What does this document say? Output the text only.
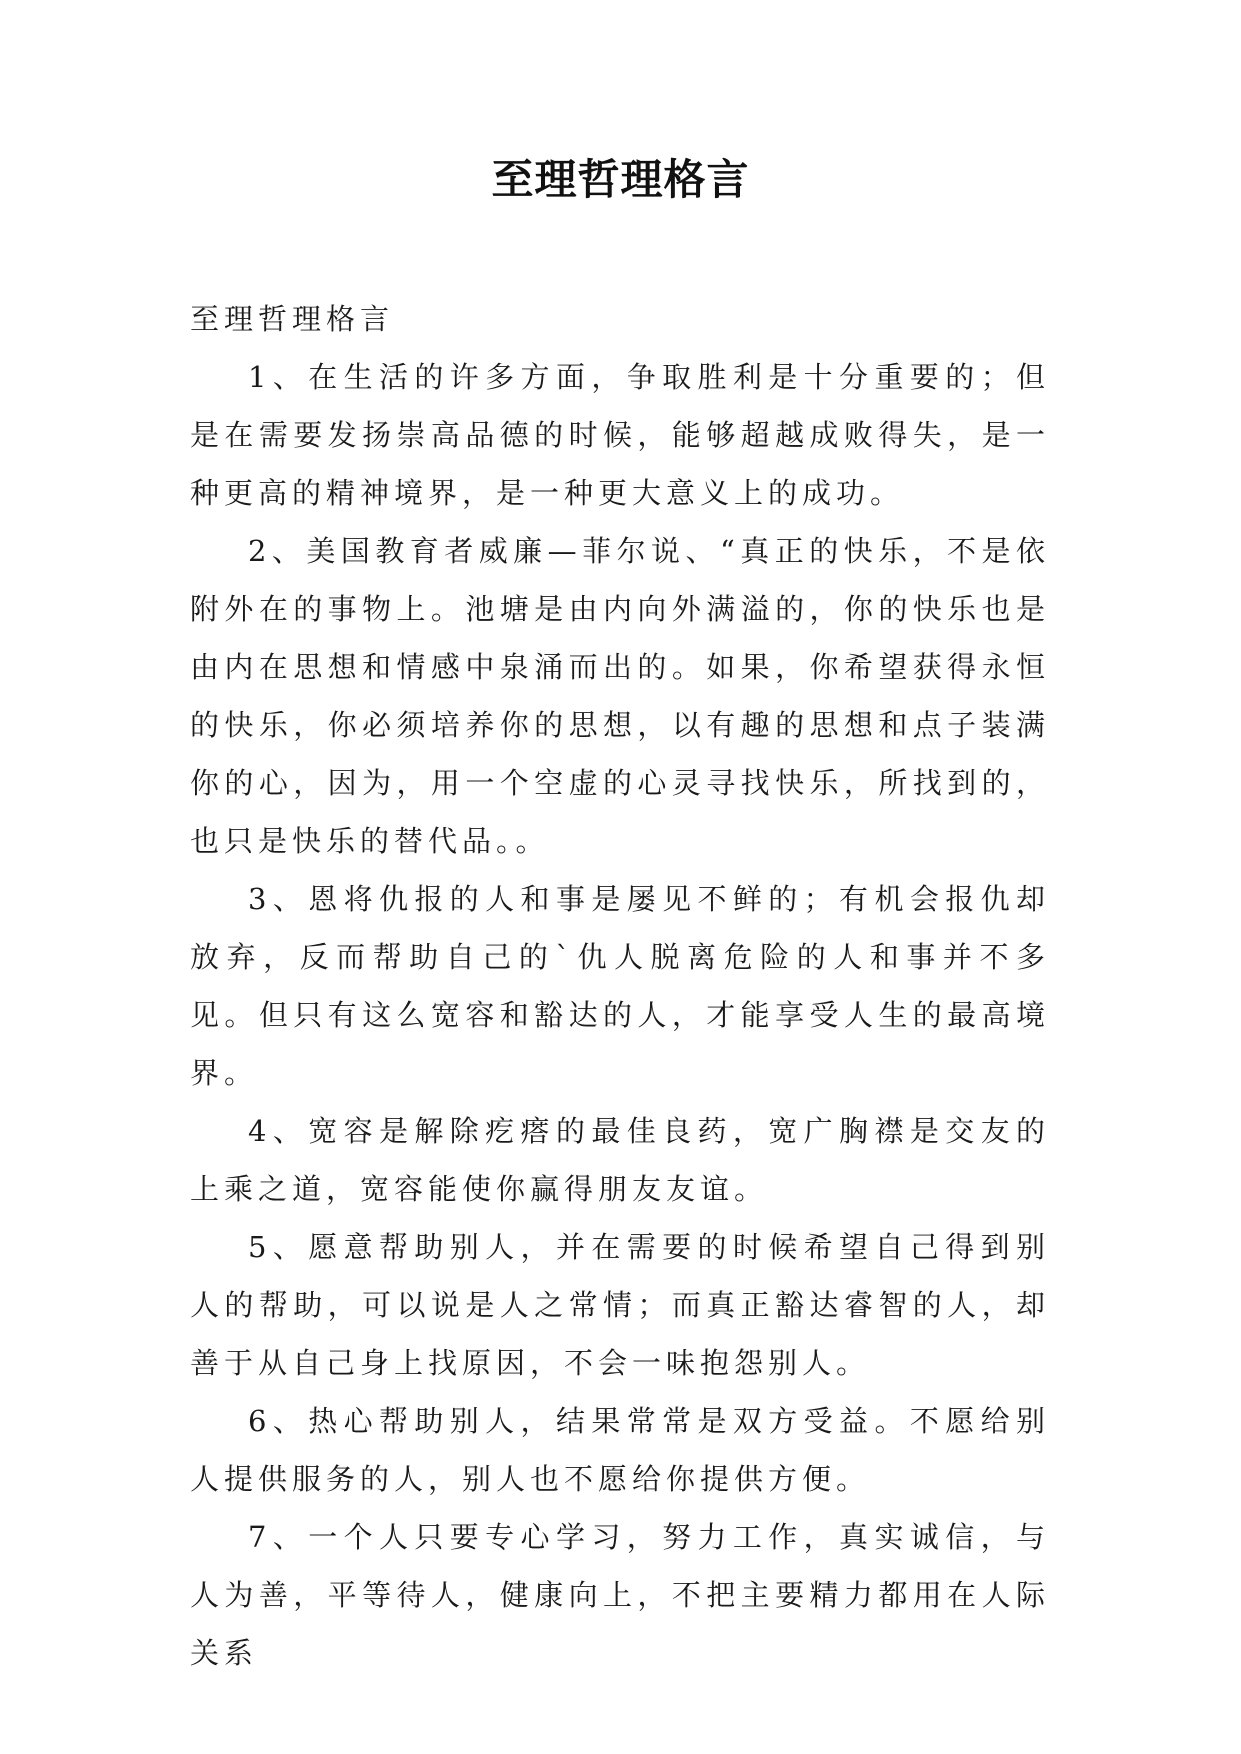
至理哲理格言

至理哲理格言

1、在生活的许多方面，争取胜利是十分重要的；但是在需要发扬崇高品德的时候，能够超越成败得失，是一种更高的精神境界，是一种更大意义上的成功。

2、美国教育者威廉—菲尔说、“真正的快乐，不是依附外在的事物上。池塘是由内向外满溢的，你的快乐也是由内在思想和情感中泉涌而出的。如果，你希望获得永恒的快乐，你必须培养你的思想，以有趣的思想和点子装满你的心，因为，用一个空虚的心灵寻找快乐，所找到的，也只是快乐的替代品。。

3、恩将仇报的人和事是屡见不鲜的；有机会报仇却放弃，反而帮助自己的`仇人脱离危险的人和事并不多见。但只有这么宽容和豁达的人，才能享受人生的最高境界。

4、宽容是解除疙瘩的最佳良药，宽广胸襟是交友的上乘之道，宽容能使你赢得朋友友谊。

5、愿意帮助别人，并在需要的时候希望自己得到别人的帮助，可以说是人之常情；而真正豁达睿智的人，却善于从自己身上找原因，不会一味抱怨别人。

6、热心帮助别人，结果常常是双方受益。不愿给别人提供服务的人，别人也不愿给你提供方便。

7、一个人只要专心学习，努力工作，真实诚信，与人为善，平等待人，健康向上，不把主要精力都用在人际关系
